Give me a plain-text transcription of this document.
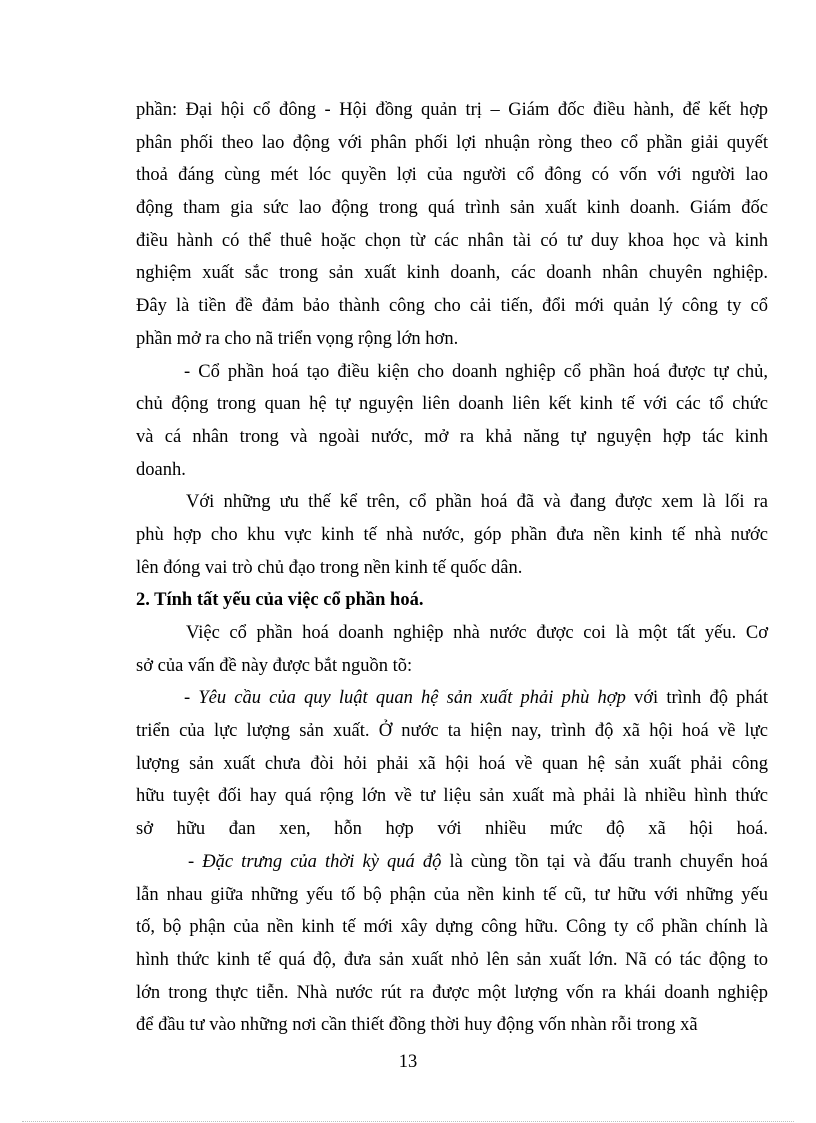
phần: Đại hội cổ đông - Hội đồng quản trị – Giám đốc điều hành, để kết hợp
phân phối theo lao động với phân phối lợi nhuận ròng theo cổ phần giải quyết
thoả đáng cùng mét lóc quyền lợi của người cổ đông có vốn với người lao
động tham gia sức lao động trong quá trình sản xuất kinh doanh. Giám đốc
điều hành có thể thuê hoặc chọn từ các nhân tài có tư duy khoa học và kinh
nghiệm xuất sắc trong sản xuất kinh doanh, các doanh nhân chuyên nghiệp.
Đây là tiền đề đảm bảo thành công cho cải tiến, đổi mới quản lý công ty cổ
phần mở ra cho nã triển vọng rộng lớn hơn.
- Cổ phần hoá tạo điều kiện cho doanh nghiệp cổ phần hoá được tự chủ,
chủ động trong quan hệ tự nguyện liên doanh liên kết kinh tế với các tổ chức
và cá nhân trong và ngoài nước, mở ra khả năng tự nguyện hợp tác kinh
doanh.
Với những ưu thế kể trên, cổ phần hoá đã và đang được xem là lối ra
phù hợp cho khu vực kinh tế nhà nước, góp phần đưa nền kinh tế nhà nước
lên đóng vai trò chủ đạo trong nền kinh tế quốc dân.
2. Tính tất yếu của việc cổ phần hoá.
Việc cổ phần hoá doanh nghiệp nhà nước được coi là một tất yếu. Cơ
sở của vấn đề này được bắt nguồn tõ:
- Yêu cầu của quy luật quan hệ sản xuất phải phù hợp với trình độ phát
triển của lực lượng sản xuất. Ở nước ta hiện nay, trình độ xã hội hoá về lực
lượng sản xuất chưa đòi hỏi phải xã hội hoá về quan hệ sản xuất phải công
hữu tuyệt đối hay quá rộng lớn về tư liệu sản xuất mà phải là nhiều hình thức
sở hữu đan xen, hỗn hợp với nhiều mức độ xã hội hoá.
- Đặc trưng của thời kỳ quá độ là cùng tồn tại và đấu tranh chuyển hoá
lẫn nhau giữa những yếu tố bộ phận của nền kinh tế cũ, tư hữu với những yếu
tố, bộ phận của nền kinh tế mới xây dựng công hữu. Công ty cổ phần chính là
hình thức kinh tế quá độ, đưa sản xuất nhỏ lên sản xuất lớn. Nã có tác động to
lớn trong thực tiễn. Nhà nước rút ra được một lượng vốn ra khái doanh nghiệp
để đầu tư vào những nơi cần thiết đồng thời huy động vốn nhàn rỗi trong xã
13
